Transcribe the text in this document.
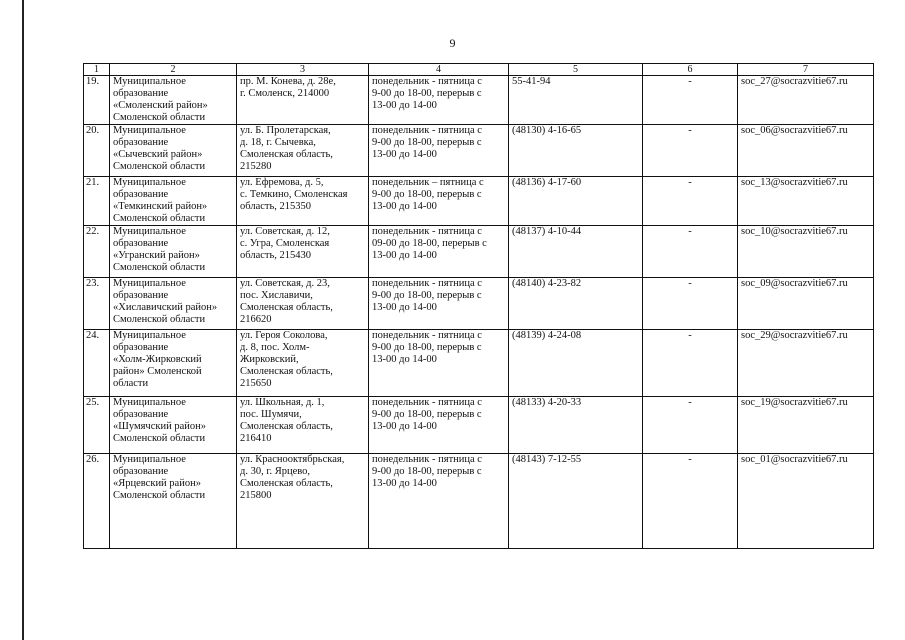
9
1	2	3	4	5	6	7
19.	Муниципальное
образование
«Смоленский район»
Смоленской области	пр. М. Конева, д. 28е,
г. Смоленск, 214000	понедельник - пятница с
9-00 до 18-00, перерыв с
13-00 до 14-00	55-41-94	-	soc_27@socrazvitie67.ru
20.	Муниципальное
образование
«Сычевский район»
Смоленской области	ул. Б. Пролетарская,
д. 18, г. Сычевка,
Смоленская область,
215280	понедельник - пятница с
9-00 до 18-00, перерыв с
13-00 до 14-00	(48130) 4-16-65	-	soc_06@socrazvitie67.ru
21.	Муниципальное
образование
«Темкинский район»
Смоленской области	ул. Ефремова, д. 5,
с. Темкино, Смоленская
область, 215350	понедельник – пятница с
9-00 до 18-00, перерыв с
13-00 до 14-00	(48136) 4-17-60	-	soc_13@socrazvitie67.ru
22.	Муниципальное
образование
«Угранский район»
Смоленской области	ул. Советская, д. 12,
с. Угра, Смоленская
область, 215430	понедельник - пятница с
09-00 до 18-00, перерыв с
13-00 до 14-00	(48137) 4-10-44	-	soc_10@socrazvitie67.ru
23.	Муниципальное
образование
«Хиславичский район»
Смоленской области	ул. Советская, д. 23,
пос. Хиславичи,
Смоленская область,
216620	понедельник - пятница с
9-00 до 18-00, перерыв с
13-00 до 14-00	(48140) 4-23-82	-	soc_09@socrazvitie67.ru
24.	Муниципальное
образование
«Холм-Жирковский
район» Смоленской
области	ул. Героя Соколова,
д. 8, пос. Холм-
Жирковский,
Смоленская область,
215650	понедельник - пятница с
9-00 до 18-00, перерыв с
13-00 до 14-00	(48139) 4-24-08	-	soc_29@socrazvitie67.ru
25.	Муниципальное
образование
«Шумячский район»
Смоленской области	ул. Школьная, д. 1,
пос. Шумячи,
Смоленская область,
216410	понедельник - пятница с
9-00 до 18-00, перерыв с
13-00 до 14-00	(48133) 4-20-33	-	soc_19@socrazvitie67.ru
26.	Муниципальное
образование
«Ярцевский район»
Смоленской области	ул. Красноoктябрьская,
д. 30, г. Ярцево,
Смоленская область,
215800	понедельник - пятница с
9-00 до 18-00, перерыв с
13-00 до 14-00	(48143) 7-12-55	-	soc_01@socrazvitie67.ru
